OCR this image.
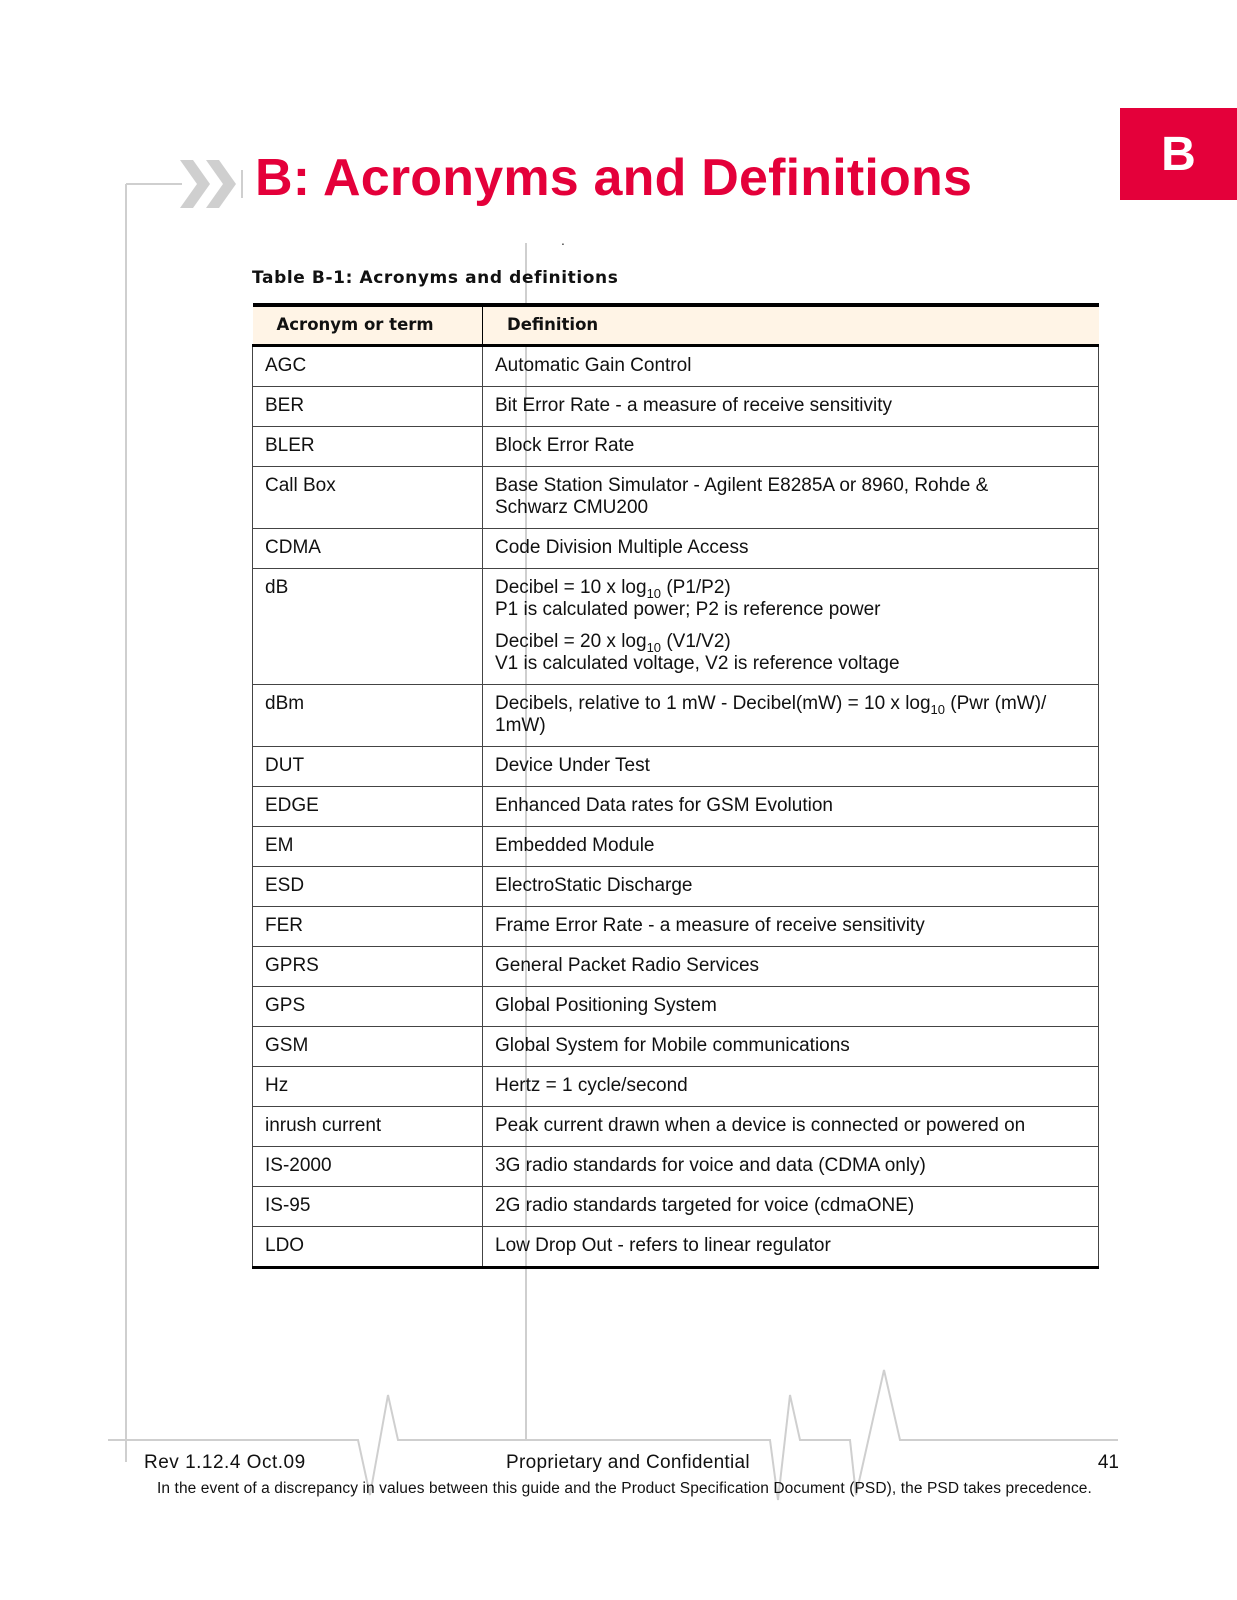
B
B: Acronyms and Definitions
.

Table B-1: Acronyms and definitions

Acronym or term	Definition
AGC	Automatic Gain Control

BER	Bit Error Rate - a measure of receive sensitivity

BLER	Block Error Rate

Call Box	Base Station Simulator - Agilent E8285A or 8960, Rohde &
Schwarz CMU200

CDMA	Code Division Multiple Access

dB	Decibel = 10 x $\log_{10} (P1/P2)$
P1 is calculated power; P2 is reference power
Decibel = 20 x $\log_{10} (V1/V2)$
V1 is calculated voltage, V2 is reference voltage

dBm	Decibels, relative to 1 mW - Decibel(mW) = 10 x $\log_{10} (Pwr$ (mW)/
1mW)

DUT	Device Under Test

EDGE	Enhanced Data rates for GSM Evolution

EM	Embedded Module

ESD	ElectroStatic Discharge

FER	Frame Error Rate - a measure of receive sensitivity

GPRS	General Packet Radio Services

GPS	Global Positioning System

GSM	Global System for Mobile communications

Hz	Hertz = 1 cycle/second

inrush current	Peak current drawn when a device is connected or powered on

IS-2000	3G radio standards for voice and data (CDMA only)

IS-95	2G radio standards targeted for voice (cdmaONE)

LDO	Low Drop Out - refers to linear regulator
Rev 1.12.4 Oct.09	Proprietary and Confidential	41
In the event of a discrepancy in values between this guide and the Product Specification Document (PSD), the PSD takes precedence.
